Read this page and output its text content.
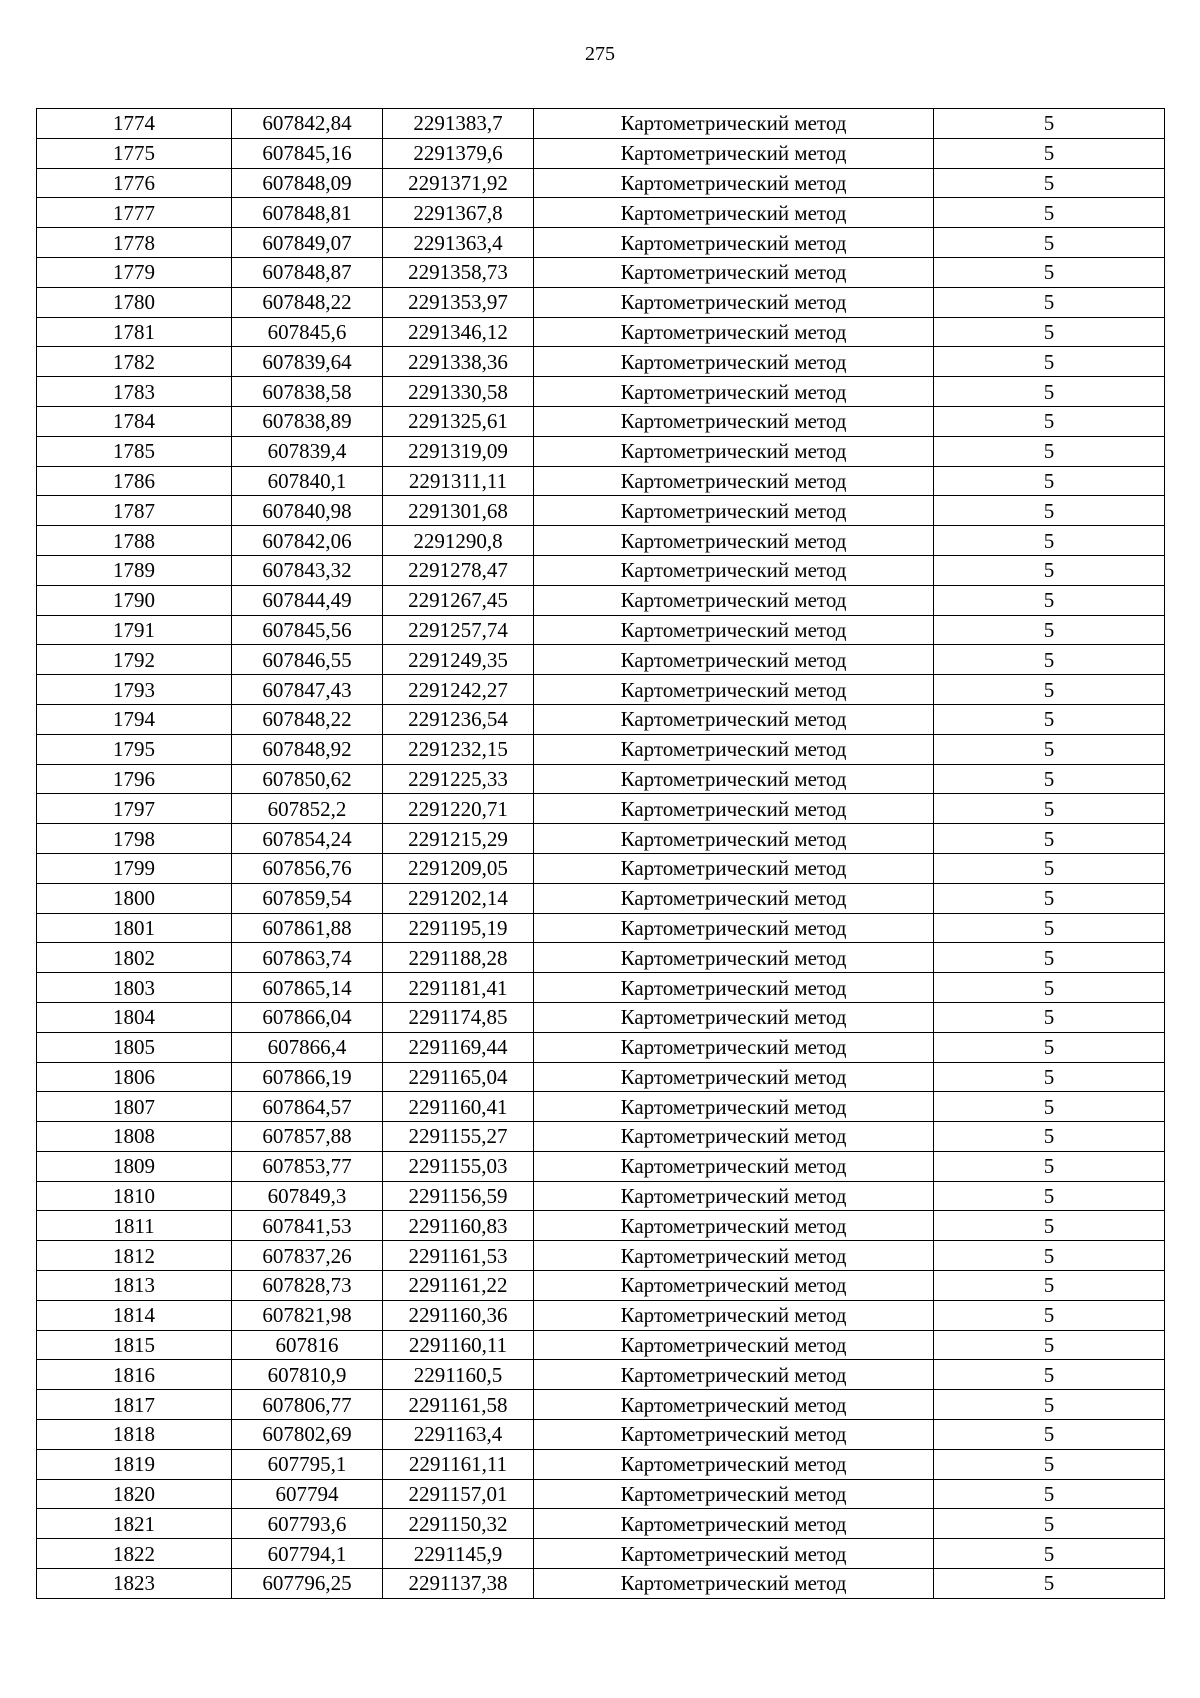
275
1774	607842,84	2291383,7	Картометрический метод	5
1775	607845,16	2291379,6	Картометрический метод	5
1776	607848,09	2291371,92	Картометрический метод	5
1777	607848,81	2291367,8	Картометрический метод	5
1778	607849,07	2291363,4	Картометрический метод	5
1779	607848,87	2291358,73	Картометрический метод	5
1780	607848,22	2291353,97	Картометрический метод	5
1781	607845,6	2291346,12	Картометрический метод	5
1782	607839,64	2291338,36	Картометрический метод	5
1783	607838,58	2291330,58	Картометрический метод	5
1784	607838,89	2291325,61	Картометрический метод	5
1785	607839,4	2291319,09	Картометрический метод	5
1786	607840,1	2291311,11	Картометрический метод	5
1787	607840,98	2291301,68	Картометрический метод	5
1788	607842,06	2291290,8	Картометрический метод	5
1789	607843,32	2291278,47	Картометрический метод	5
1790	607844,49	2291267,45	Картометрический метод	5
1791	607845,56	2291257,74	Картометрический метод	5
1792	607846,55	2291249,35	Картометрический метод	5
1793	607847,43	2291242,27	Картометрический метод	5
1794	607848,22	2291236,54	Картометрический метод	5
1795	607848,92	2291232,15	Картометрический метод	5
1796	607850,62	2291225,33	Картометрический метод	5
1797	607852,2	2291220,71	Картометрический метод	5
1798	607854,24	2291215,29	Картометрический метод	5
1799	607856,76	2291209,05	Картометрический метод	5
1800	607859,54	2291202,14	Картометрический метод	5
1801	607861,88	2291195,19	Картометрический метод	5
1802	607863,74	2291188,28	Картометрический метод	5
1803	607865,14	2291181,41	Картометрический метод	5
1804	607866,04	2291174,85	Картометрический метод	5
1805	607866,4	2291169,44	Картометрический метод	5
1806	607866,19	2291165,04	Картометрический метод	5
1807	607864,57	2291160,41	Картометрический метод	5
1808	607857,88	2291155,27	Картометрический метод	5
1809	607853,77	2291155,03	Картометрический метод	5
1810	607849,3	2291156,59	Картометрический метод	5
1811	607841,53	2291160,83	Картометрический метод	5
1812	607837,26	2291161,53	Картометрический метод	5
1813	607828,73	2291161,22	Картометрический метод	5
1814	607821,98	2291160,36	Картометрический метод	5
1815	607816	2291160,11	Картометрический метод	5
1816	607810,9	2291160,5	Картометрический метод	5
1817	607806,77	2291161,58	Картометрический метод	5
1818	607802,69	2291163,4	Картометрический метод	5
1819	607795,1	2291161,11	Картометрический метод	5
1820	607794	2291157,01	Картометрический метод	5
1821	607793,6	2291150,32	Картометрический метод	5
1822	607794,1	2291145,9	Картометрический метод	5
1823	607796,25	2291137,38	Картометрический метод	5
